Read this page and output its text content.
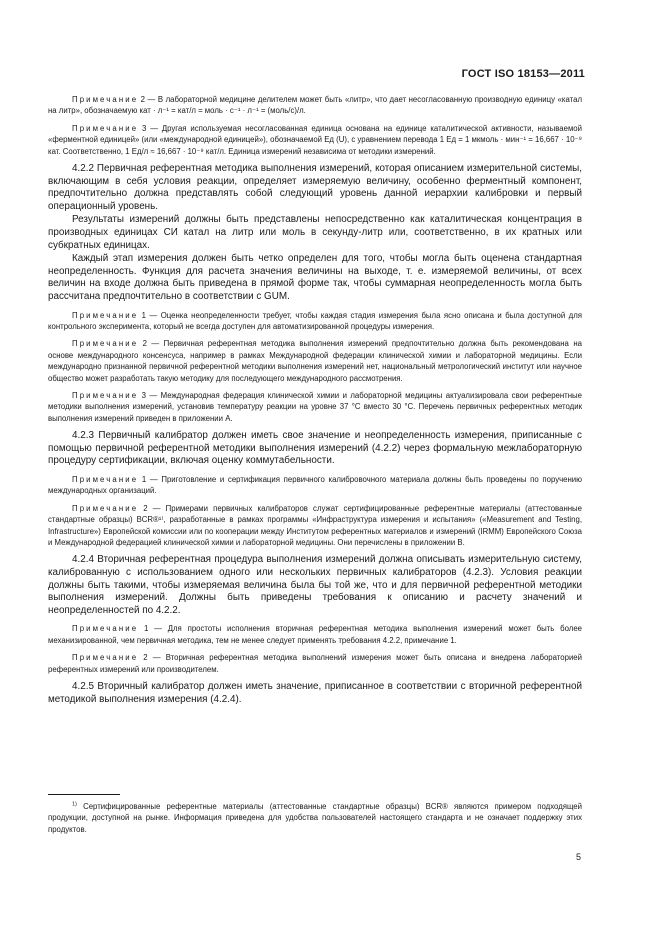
ГОСТ ISO 18153—2011

Примечание 2 — В лабораторной медицине делителем может быть «литр», что дает несогласованную производную единицу «катал на литр», обозначаемую кат · л⁻¹ = кат/л = моль · с⁻¹ · л⁻¹ = (моль/с)/л.

Примечание 3 — Другая используемая несогласованная единица основана на единице каталитической активности, называемой «ферментной единицей» (или «международной единицей»), обозначаемой Ед (U), с уравнением перевода 1 Ед = 1 мкмоль · мин⁻¹ = 16,667 · 10⁻⁹ кат. Соответственно, 1 Ед/л ≈ 16,667 · 10⁻⁹ кат/л. Единица измерений независима от методики измерений.

4.2.2 Первичная референтная методика выполнения измерений, которая описанием измерительной системы, включающим в себя условия реакции, определяет измеряемую величину, особенно ферментный компонент, предпочтительно должна представлять собой следующий уровень данной иерархии калибровки и первый операционный уровень.

Результаты измерений должны быть представлены непосредственно как каталитическая концентрация в производных единицах СИ катал на литр или моль в секунду-литр или, соответственно, в их кратных или субкратных единицах.

Каждый этап измерения должен быть четко определен для того, чтобы могла быть оценена стандартная неопределенность. Функция для расчета значения величины на выходе, т. е. измеряемой величины, от всех величин на входе должна быть приведена в прямой форме так, чтобы суммарная неопределенность могла быть рассчитана предпочтительно в соответствии с GUM.

Примечание 1 — Оценка неопределенности требует, чтобы каждая стадия измерения была ясно описана и была доступной для контрольного эксперимента, который не всегда доступен для автоматизированной процедуры измерения.

Примечание 2 — Первичная референтная методика выполнения измерений предпочтительно должна быть рекомендована на основе международного консенсуса, например в рамках Международной федерации клинической химии и лабораторной медицины. Если международно признанной первичной референтной методики выполнения измерений нет, национальный метрологический институт или научное общество может разработать такую методику для последующего международного рассмотрения.

Примечание 3 — Международная федерация клинической химии и лабораторной медицины актуализировала свои референтные методики выполнения измерений, установив температуру реакции на уровне 37 °C вместо 30 °C. Перечень первичных референтных методик выполнения измерений приведен в приложении А.

4.2.3 Первичный калибратор должен иметь свое значение и неопределенность измерения, приписанные с помощью первичной референтной методики выполнения измерений (4.2.2) через формальную межлабораторную процедуру сертификации, включая оценку коммутабельности.

Примечание 1 — Приготовление и сертификация первичного калибровочного материала должны быть проведены по поручению международных организаций.

Примечание 2 — Примерами первичных калибраторов служат сертифицированные референтные материалы (аттестованные стандартные образцы) BCR®¹⁾, разработанные в рамках программы «Инфраструктура измерения и испытания» («Measurement and Testing, Infrastructure») Европейской комиссии или по кооперации между Институтом референтных материалов и измерений (IRMM) Европейского Союза и Международной федерацией клинической химии и лабораторной медицины. Они перечислены в приложении В.

4.2.4 Вторичная референтная процедура выполнения измерений должна описывать измерительную систему, калиброванную с использованием одного или нескольких первичных калибраторов (4.2.3). Условия реакции должны быть такими, чтобы измеряемая величина была бы той же, что и для первичной референтной методики выполнения измерений. Должны быть приведены требования к описанию и расчету значений и неопределенностей по 4.2.2.

Примечание 1 — Для простоты исполнения вторичная референтная методика выполнения измерений может быть более механизированной, чем первичная методика, тем не менее следует применять требования 4.2.2, примечание 1.

Примечание 2 — Вторичная референтная методика выполнений измерения может быть описана и внедрена лабораторией референтных измерений или производителем.

4.2.5 Вторичный калибратор должен иметь значение, приписанное в соответствии с вторичной референтной методикой выполнения измерения (4.2.4).

$^{1)}$ Сертифицированные референтные материалы (аттестованные стандартные образцы) BCR® являются примером подходящей продукции, доступной на рынке. Информация приведена для удобства пользователей настоящего стандарта и не означает поддержку этих продуктов.

5
